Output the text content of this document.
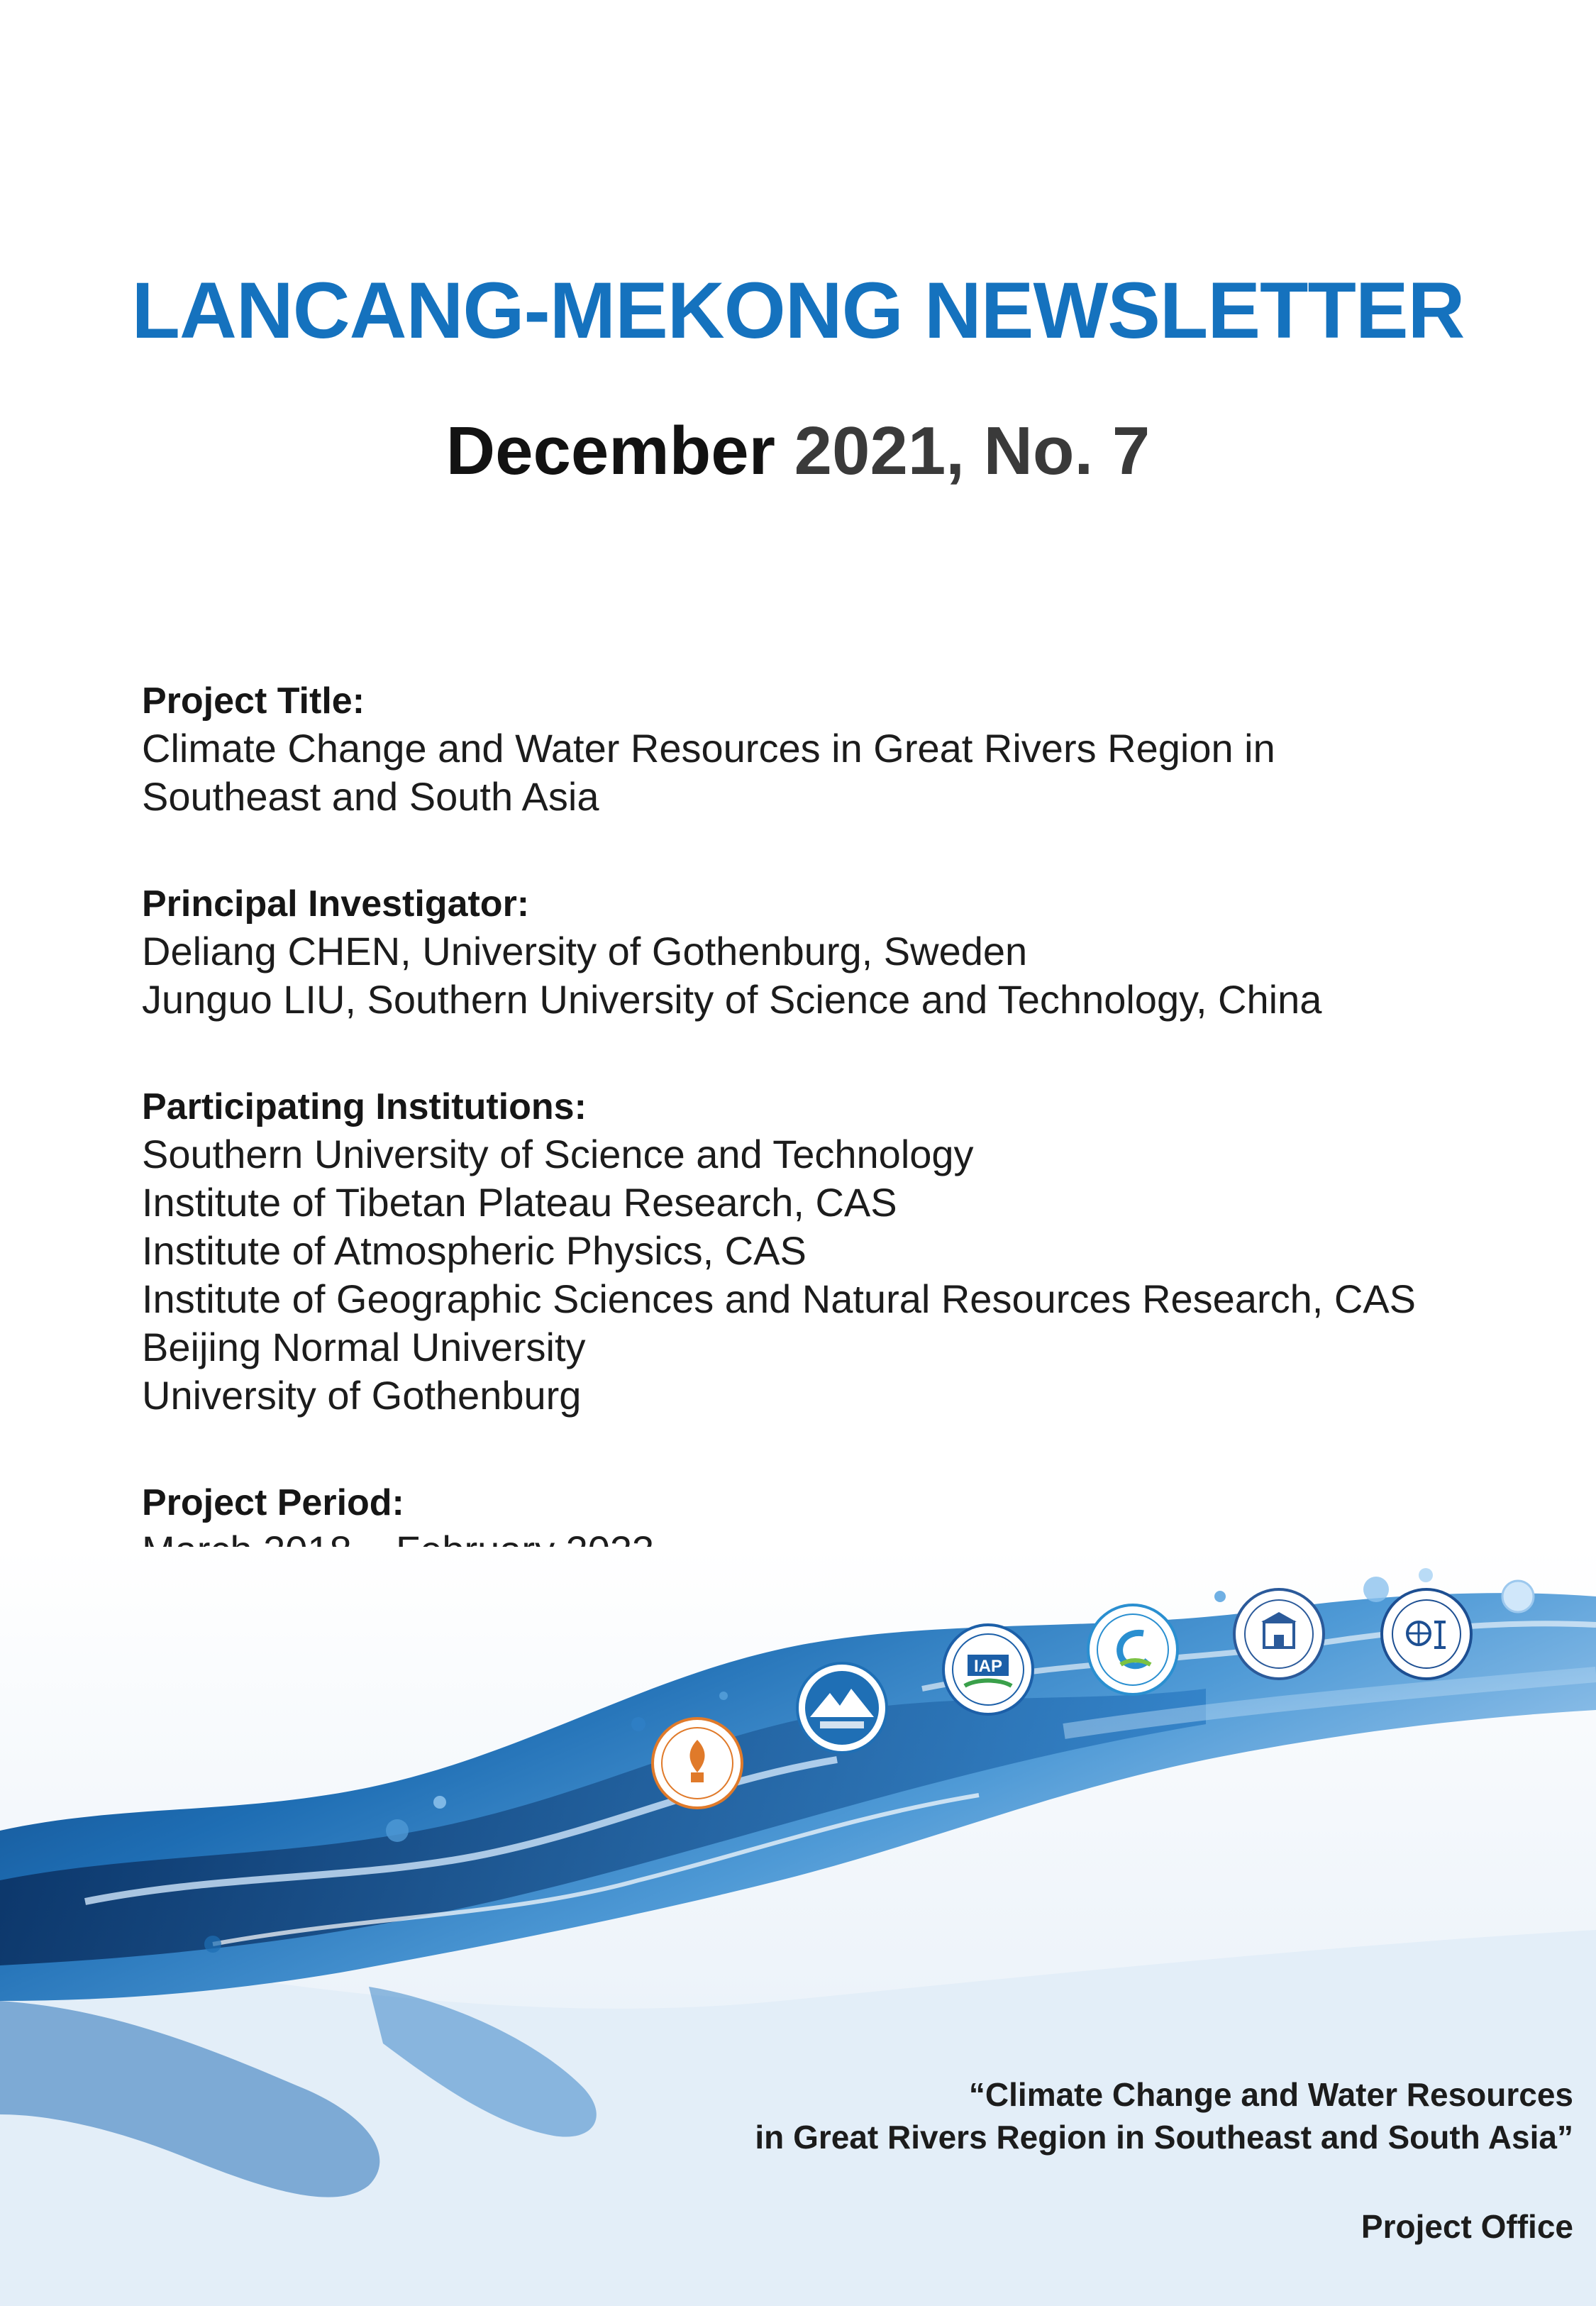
LANCANG-MEKONG NEWSLETTER
December 2021, No. 7
Project Title:
Climate Change and Water Resources in Great Rivers Region in
Southeast and South Asia
Principal Investigator:
Deliang CHEN, University of Gothenburg, Sweden
Junguo LIU, Southern University of Science and Technology, China
Participating Institutions:
Southern University of Science and Technology
Institute of Tibetan Plateau Research, CAS
Institute of Atmospheric Physics, CAS
Institute of Geographic Sciences and Natural Resources Research, CAS
Beijing Normal University
University of Gothenburg
Project Period:
IAP
“Climate Change and Water Resources
in Great Rivers Region in Southeast and South Asia”
Project Office
